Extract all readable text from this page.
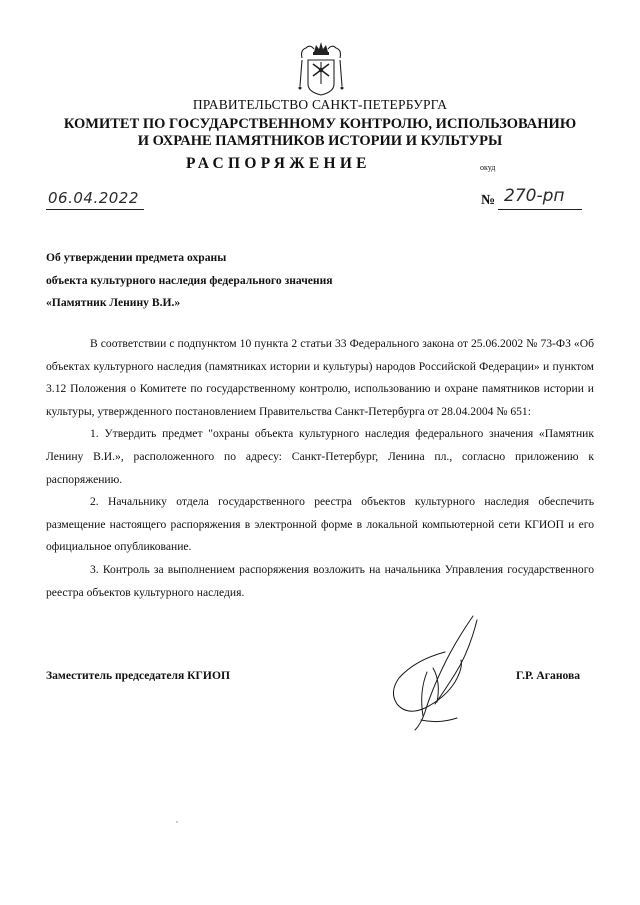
ПРАВИТЕЛЬСТВО САНКТ-ПЕТЕРБУРГА
КОМИТЕТ ПО ГОСУДАРСТВЕННОМУ КОНТРОЛЮ, ИСПОЛЬЗОВАНИЮ
И ОХРАНЕ ПАМЯТНИКОВ ИСТОРИИ И КУЛЬТУРЫ
РАСПОРЯЖЕНИЕ	окуд
06.04.2022	№ 270-рп
Об утверждении предмета охраны
объекта культурного наследия федерального значения
«Памятник Ленину В.И.»

В соответствии с подпунктом 10 пункта 2 статьи 33 Федерального закона от 25.06.2002 № 73-ФЗ «Об объектах культурного наследия (памятниках истории и культуры) народов Российской Федерации» и пунктом 3.12 Положения о Комитете по государственному контролю, использованию и охране памятников истории и культуры, утвержденного постановлением Правительства Санкт-Петербурга от 28.04.2004 № 651:

1. Утвердить предмет "охраны объекта культурного наследия федерального значения «Памятник Ленину В.И.», расположенного по адресу: Санкт-Петербург, Ленина пл., согласно приложению к распоряжению.

2. Начальнику отдела государственного реестра объектов культурного наследия обеспечить размещение настоящего распоряжения в электронной форме в локальной компьютерной сети КГИОП и его официальное опубликование.

3. Контроль за выполнением распоряжения возложить на начальника Управления государственного реестра объектов культурного наследия.

Заместитель председателя КГИОП	Г.Р. Аганова
